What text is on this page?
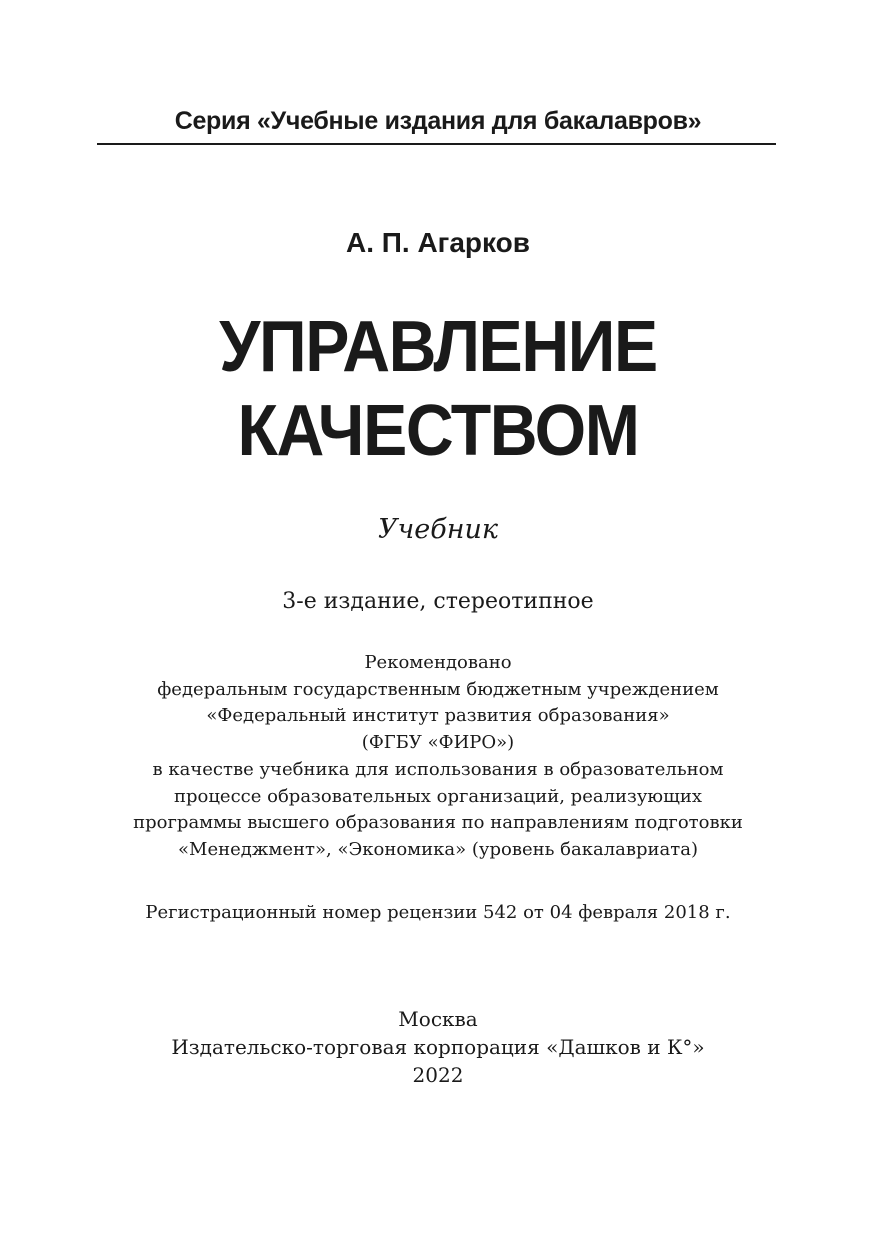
Серия «Учебные издания для бакалавров»
А. П. Агарков
УПРАВЛЕНИЕ
КАЧЕСТВОМ
Учебник
3-е издание, стереотипное
Рекомендовано
федеральным государственным бюджетным учреждением
«Федеральный институт развития образования»
(ФГБУ «ФИРО»)
в качестве учебника для использования в образовательном
процессе образовательных организаций, реализующих
программы высшего образования по направлениям подготовки
«Менеджмент», «Экономика» (уровень бакалавриата)
Регистрационный номер рецензии 542 от 04 февраля 2018 г.
Москва
Издательско-торговая корпорация «Дашков и К°»
2022
